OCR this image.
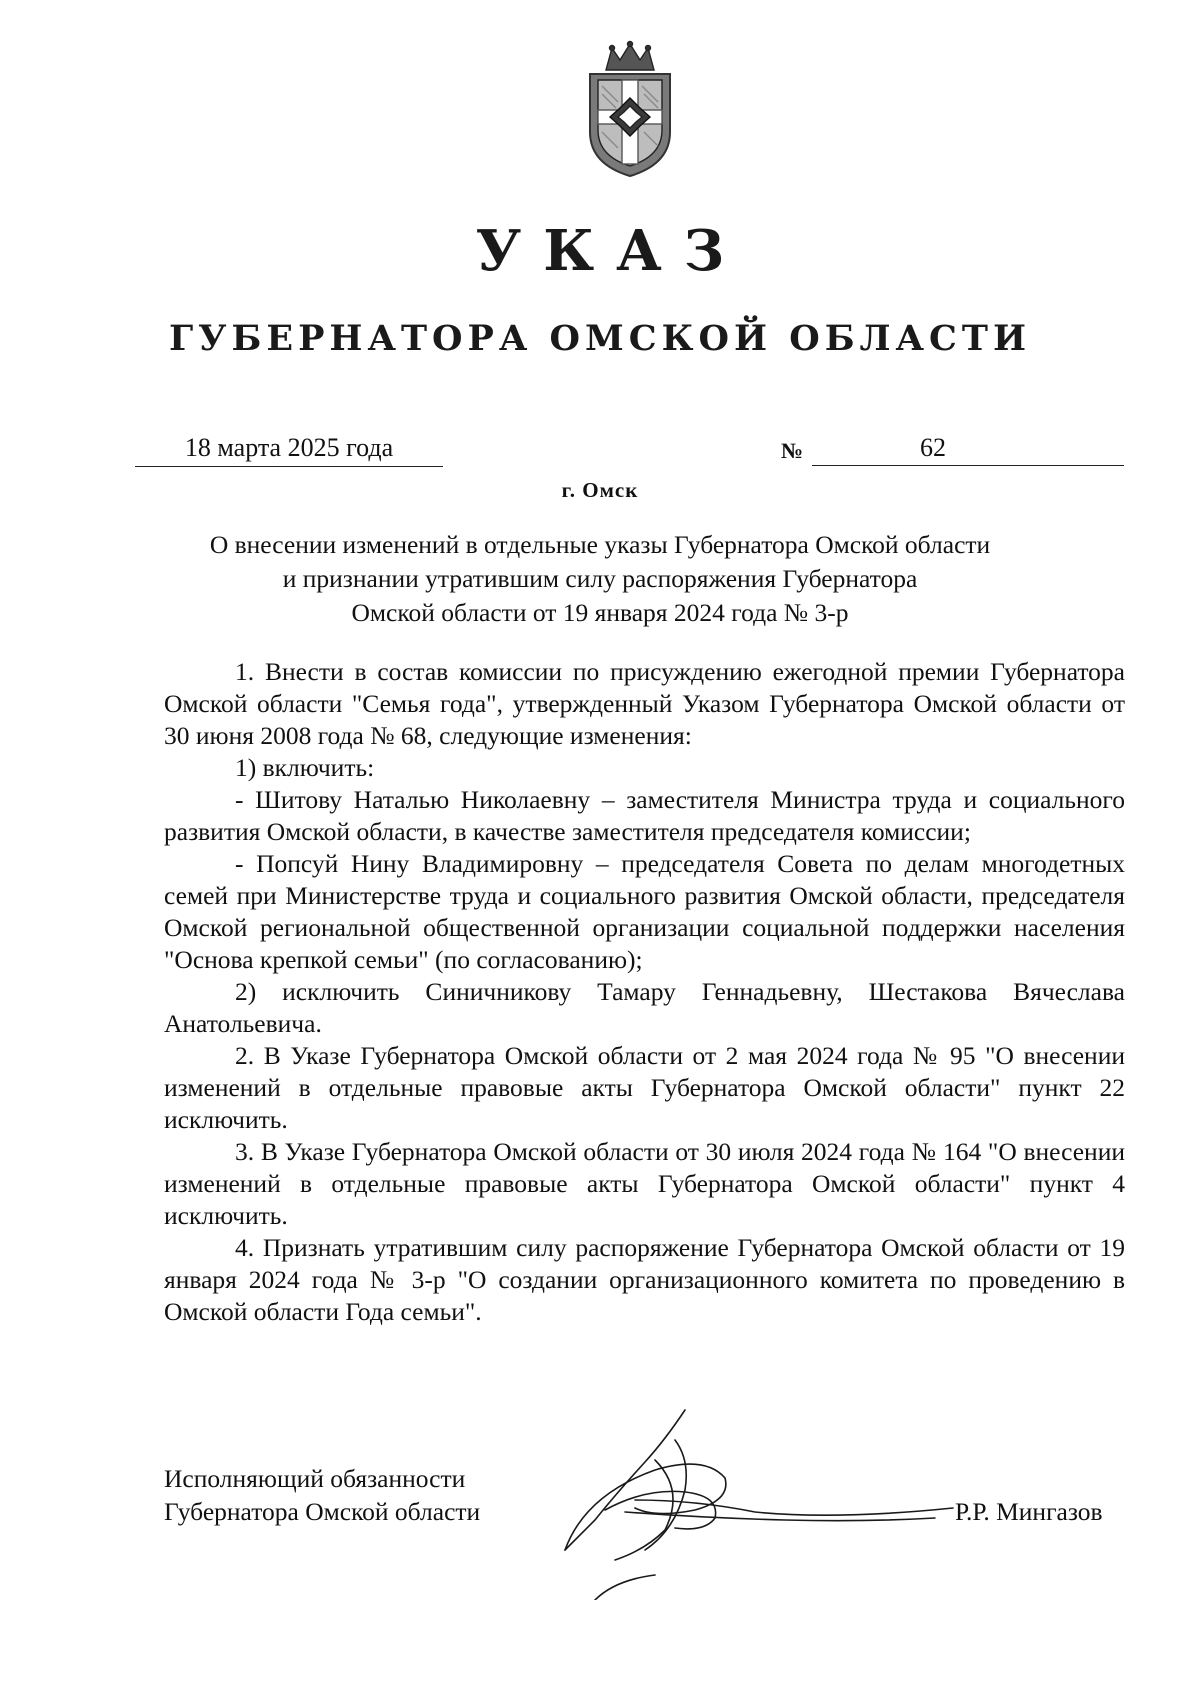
УКАЗ
ГУБЕРНАТОРА ОМСКОЙ ОБЛАСТИ
18 марта 2025 года	№	62
г. Омск
О внесении изменений в отдельные указы Губернатора Омской области
и признании утратившим силу распоряжения Губернатора
Омской области от 19 января 2024 года № 3-р

1. Внести в состав комиссии по присуждению ежегодной премии Губернатора Омской области "Семья года", утвержденный Указом Губернатора Омской области от 30 июня 2008 года № 68, следующие изменения:

1) включить:

- Шитову Наталью Николаевну – заместителя Министра труда и социального развития Омской области, в качестве заместителя председателя комиссии;

- Попсуй Нину Владимировну – председателя Совета по делам многодетных семей при Министерстве труда и социального развития Омской области, председателя Омской региональной общественной организации социальной поддержки населения "Основа крепкой семьи" (по согласованию);

2) исключить Синичникову Тамару Геннадьевну, Шестакова Вячеслава Анатольевича.

2. В Указе Губернатора Омской области от 2 мая 2024 года № 95 "О внесении изменений в отдельные правовые акты Губернатора Омской области" пункт 22 исключить.

3. В Указе Губернатора Омской области от 30 июля 2024 года № 164 "О внесении изменений в отдельные правовые акты Губернатора Омской области" пункт 4 исключить.

4. Признать утратившим силу распоряжение Губернатора Омской области от 19 января 2024 года № 3-р "О создании организационного комитета по проведению в Омской области Года семьи".

Исполняющий обязанности
Губернатора Омской области	Р.Р. Мингазов
